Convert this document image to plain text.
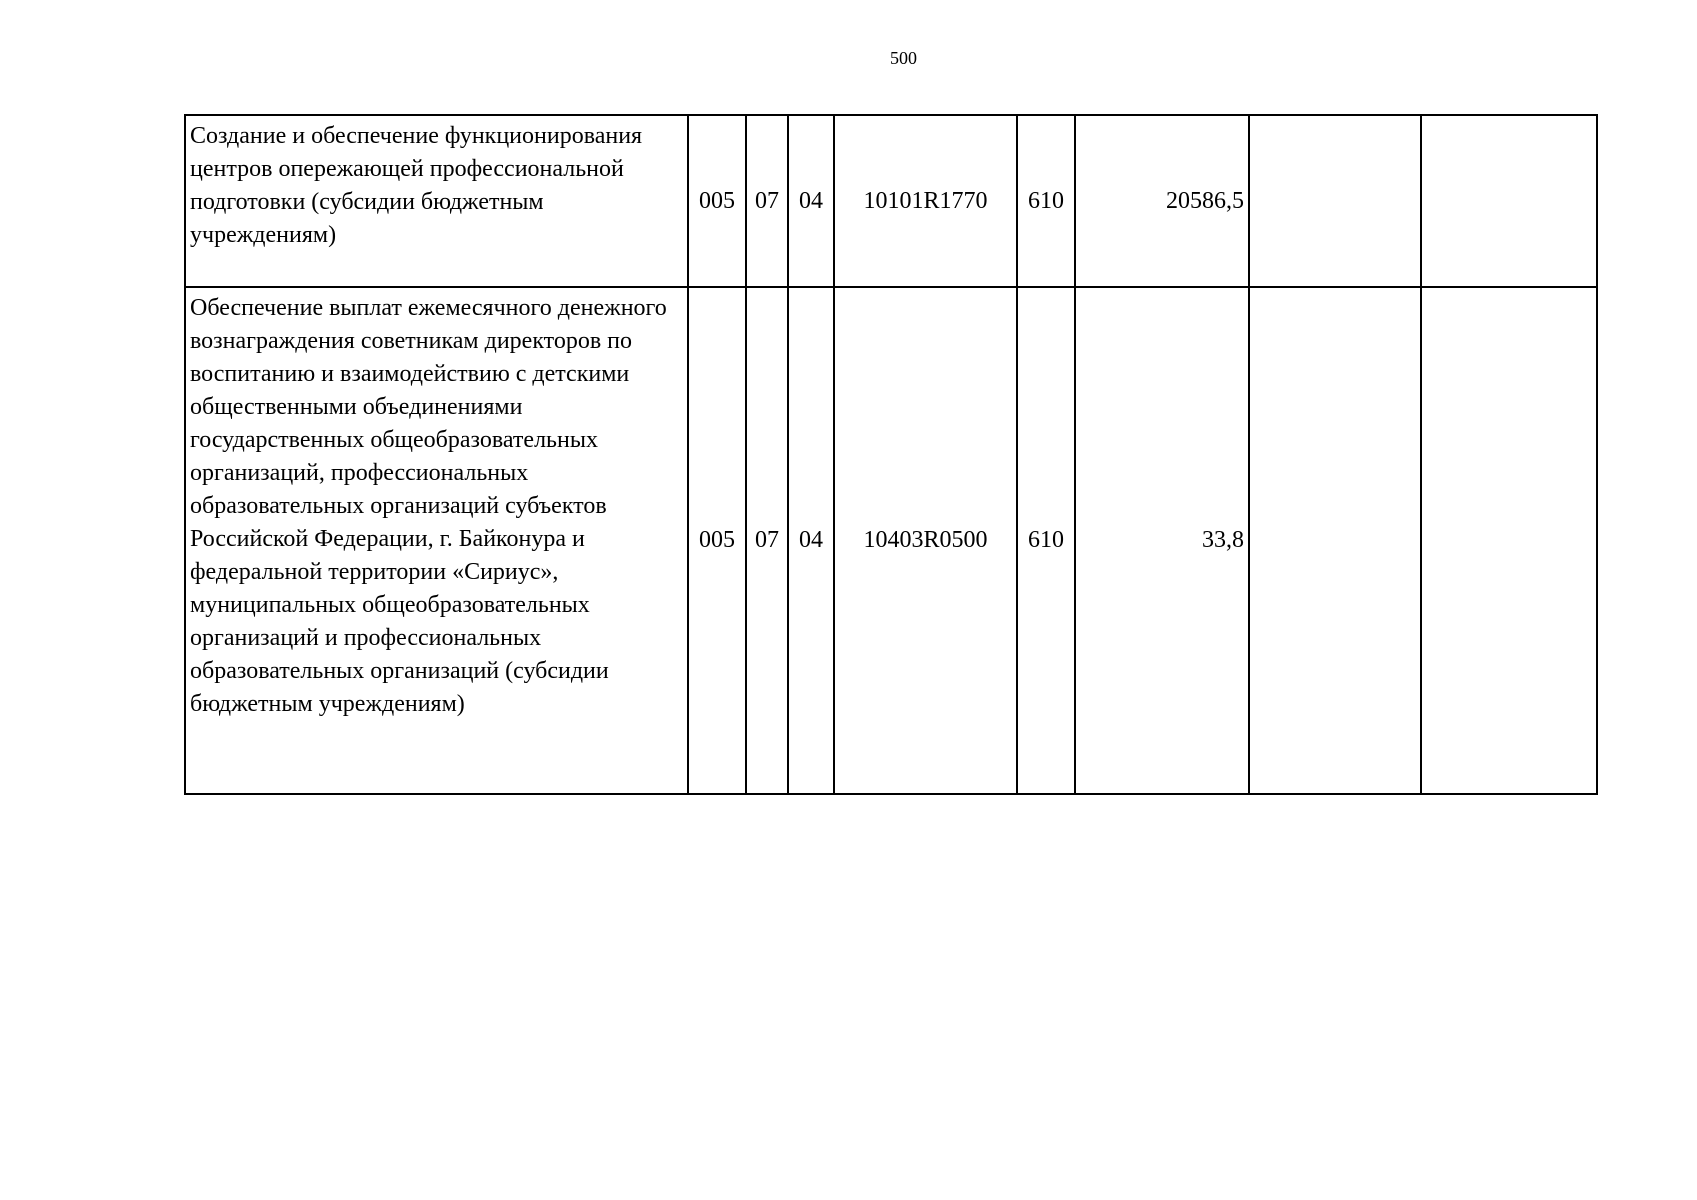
500
Создание и обеспечение функционирования центров опережающей профессиональной подготовки (субсидии бюджетным учреждениям)	005	07	04	10101R1770	610	20586,5		

Обеспечение выплат ежемесячного денежного вознаграждения советникам директоров по воспитанию и взаимодействию с детскими общественными объединениями государственных общеобразовательных организаций, профессиональных образовательных организаций субъектов Российской Федерации, г. Байконура и федеральной территории «Сириус», муниципальных общеобразовательных организаций и профессиональных образовательных организаций (субсидии бюджетным учреждениям)	005	07	04	10403R0500	610	33,8		
